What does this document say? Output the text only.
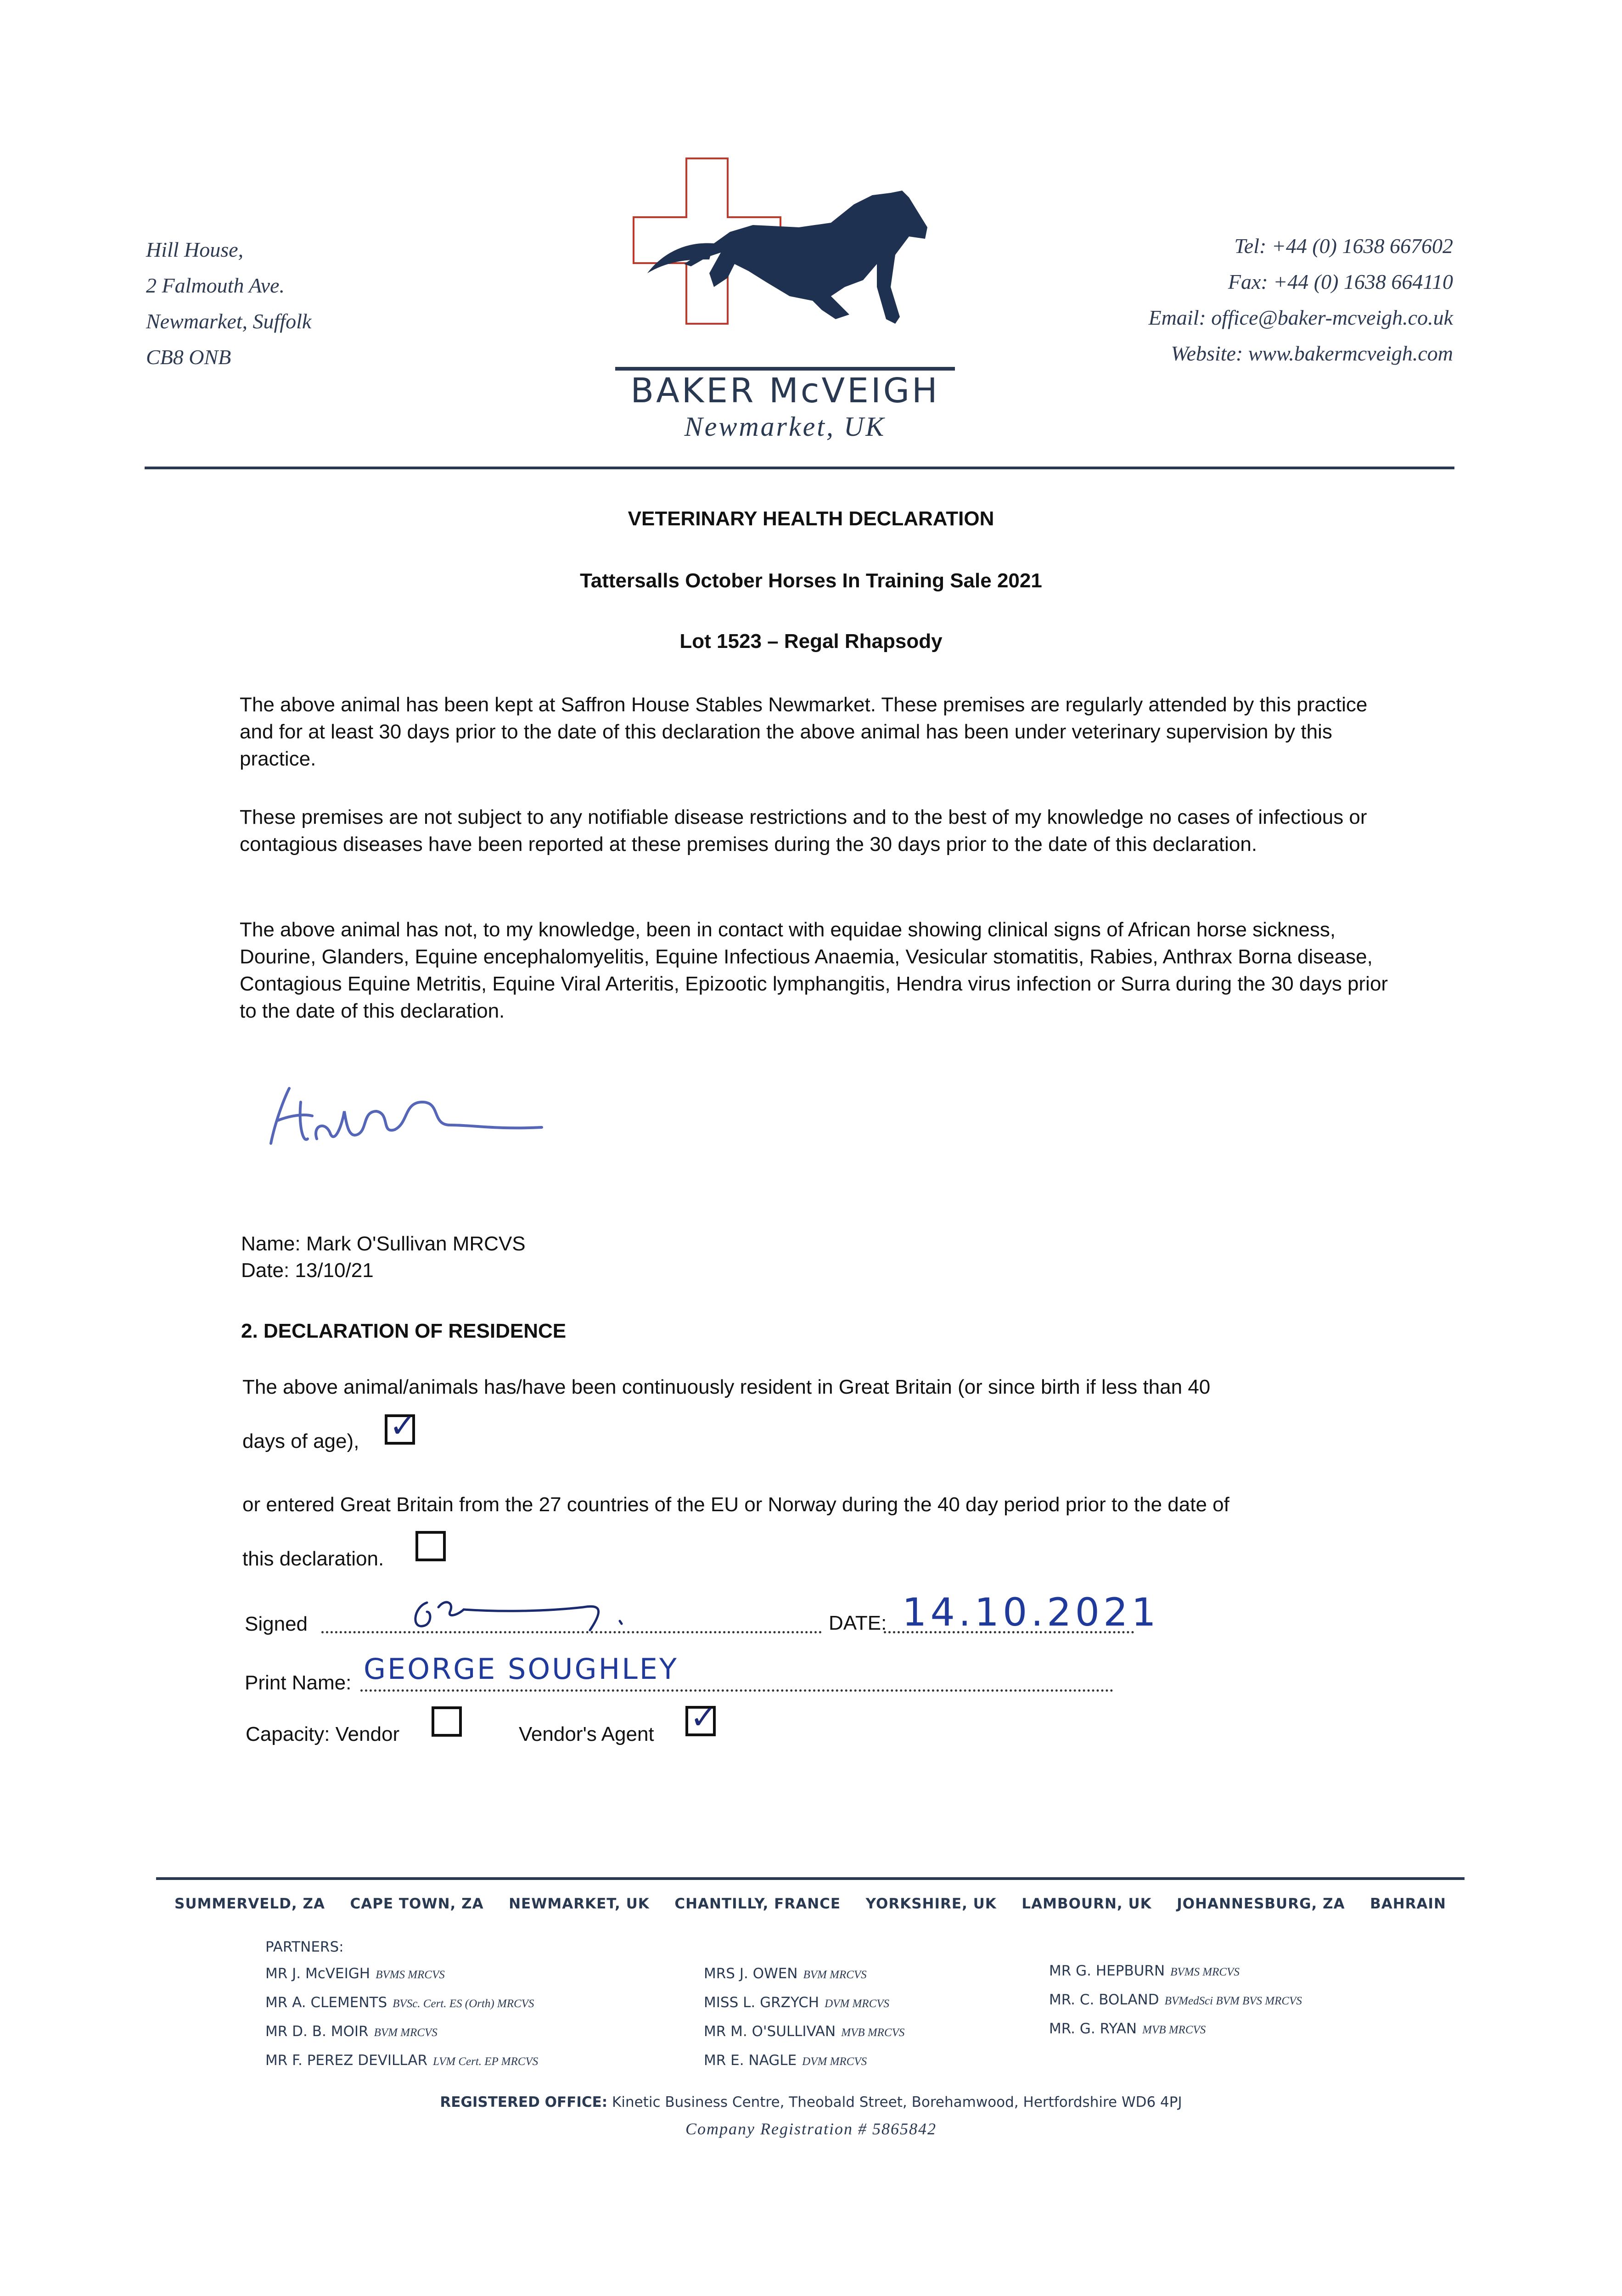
Hill House,
2 Falmouth Ave.
Newmarket, Suffolk
CB8 ONB
BAKER McVEIGH
Newmarket, UK
Tel: +44 (0) 1638 667602
Fax: +44 (0) 1638 664110
Email: office@baker-mcveigh.co.uk
Website: www.bakermcveigh.com
VETERINARY HEALTH DECLARATION
Tattersalls October Horses In Training Sale 2021
Lot 1523 – Regal Rhapsody
The above animal has been kept at Saffron House Stables Newmarket. These premises are regularly attended by this practice and for at least 30 days prior to the date of this declaration the above animal has been under veterinary supervision by this practice.
These premises are not subject to any notifiable disease restrictions and to the best of my knowledge no cases of infectious or contagious diseases have been reported at these premises during the 30 days prior to the date of this declaration.
The above animal has not, to my knowledge, been in contact with equidae showing clinical signs of African horse sickness, Dourine, Glanders, Equine encephalomyelitis, Equine Infectious Anaemia, Vesicular stomatitis, Rabies, Anthrax Borna disease, Contagious Equine Metritis, Equine Viral Arteritis, Epizootic lymphangitis, Hendra virus infection or Surra during the 30 days prior to the date of this declaration.
Name: Mark O'Sullivan MRCVS
Date: 13/10/21
2. DECLARATION OF RESIDENCE
The above animal/animals has/have been continuously resident in Great Britain (or since birth if less than 40
days of age), ✓
or entered Great Britain from the 27 countries of the EU or Norway during the 40 day period prior to the date of
this declaration.
Signed	DATE: 14.10.2021
Print Name: GEORGE SOUGHLEY
Capacity: Vendor	Vendor's Agent ✓
SUMMERVELD, ZA CAPE TOWN, ZA NEWMARKET, UK CHANTILLY, FRANCE YORKSHIRE, UK LAMBOURN, UK JOHANNESBURG, ZA BAHRAIN
PARTNERS:
MR J. McVEIGH BVMS MRCVS
MR A. CLEMENTS BVSc. Cert. ES (Orth) MRCVS
MR D. B. MOIR BVM MRCVS
MR F. PEREZ DEVILLAR LVM Cert. EP MRCVS
MRS J. OWEN BVM MRCVS
MISS L. GRZYCH DVM MRCVS
MR M. O'SULLIVAN MVB MRCVS
MR E. NAGLE DVM MRCVS
MR G. HEPBURN BVMS MRCVS
MR. C. BOLAND BVMedSci BVM BVS MRCVS
MR. G. RYAN MVB MRCVS
REGISTERED OFFICE: Kinetic Business Centre, Theobald Street, Borehamwood, Hertfordshire WD6 4PJ
Company Registration # 5865842
